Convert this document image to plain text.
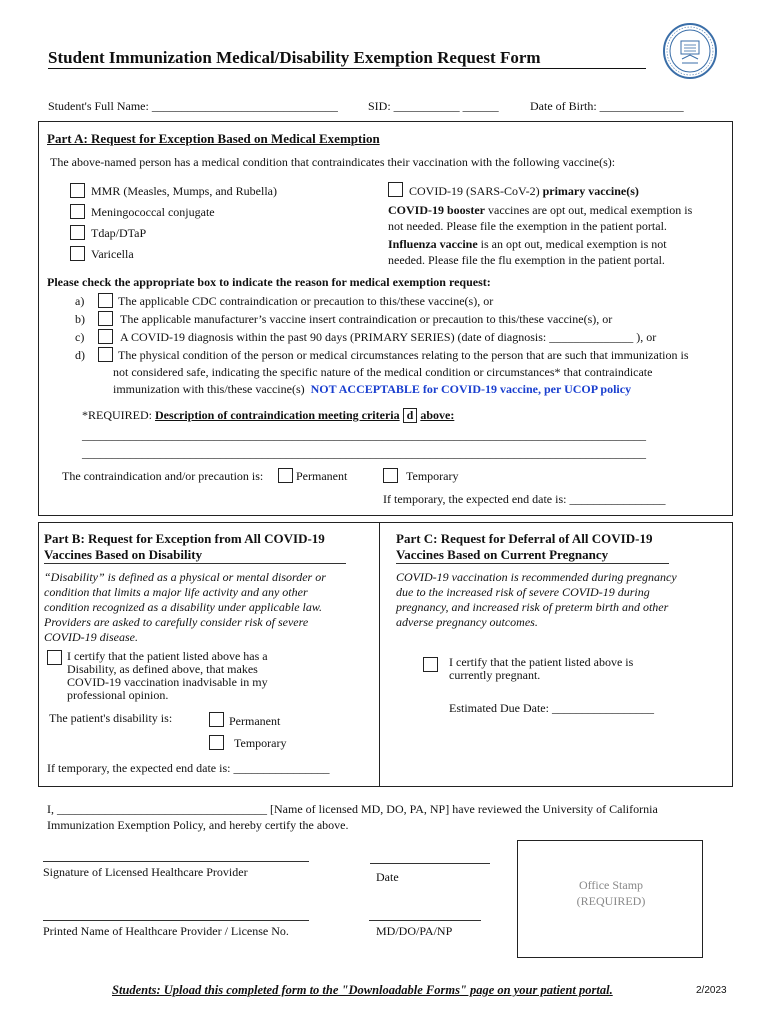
Student Immunization Medical/Disability Exemption Request Form
Student's Full Name: _______________________________	SID: ___________ ______	Date of Birth: ______________
Part A: Request for Exception Based on Medical Exemption
The above-named person has a medical condition that contraindicates their vaccination with the following vaccine(s):
MMR (Measles, Mumps, and Rubella)
Meningococcal conjugate
Tdap/DTaP
Varicella
COVID-19 (SARS-CoV-2) primary vaccine(s)
COVID-19 booster vaccines are opt out, medical exemption is
not needed. Please file the exemption in the patient portal.
Influenza vaccine is an opt out, medical exemption is not
needed. Please file the flu exemption in the patient portal.
Please check the appropriate box to indicate the reason for medical exemption request:
a)	The applicable CDC contraindication or precaution to this/these vaccine(s), or
b)	The applicable manufacturer’s vaccine insert contraindication or precaution to this/these vaccine(s), or
c)	A COVID-19 diagnosis within the past 90 days (PRIMARY SERIES) (date of diagnosis: ______________ ), or
d)	The physical condition of the person or medical circumstances relating to the person that are such that immunization is
not considered safe, indicating the specific nature of the medical condition or circumstances* that contraindicate
immunization with this/these vaccine(s) NOT ACCEPTABLE for COVID-19 vaccine, per UCOP policy
*REQUIRED: Description of contraindication meeting criteria d above:
______________________________________________________________________________________________
______________________________________________________________________________________________
The contraindication and/or precaution is:	Permanent	Temporary
If temporary, the expected end date is: ________________
Part B: Request for Exception from All COVID-19
Vaccines Based on Disability
“Disability” is defined as a physical or mental disorder or condition that limits a major life activity and any other condition recognized as a disability under applicable law. Providers are asked to carefully consider risk of severe COVID-19 disease.
I certify that the patient listed above has a Disability, as defined above, that makes COVID-19 vaccination inadvisable in my professional opinion.
The patient's disability is:	Permanent
Temporary
If temporary, the expected end date is: ________________
Part C: Request for Deferral of All COVID-19
Vaccines Based on Current Pregnancy
COVID-19 vaccination is recommended during pregnancy due to the increased risk of severe COVID-19 during pregnancy, and increased risk of preterm birth and other adverse pregnancy outcomes.
I certify that the patient listed above is currently pregnant.
Estimated Due Date: _________________
I, ___________________________________ [Name of licensed MD, DO, PA, NP] have reviewed the University of California
Immunization Exemption Policy, and hereby certify the above.
Signature of Licensed Healthcare Provider	Date
Printed Name of Healthcare Provider / License No.	MD/DO/PA/NP
Office Stamp
(REQUIRED)
Students: Upload this completed form to the "Downloadable Forms" page on your patient portal.	2/2023
